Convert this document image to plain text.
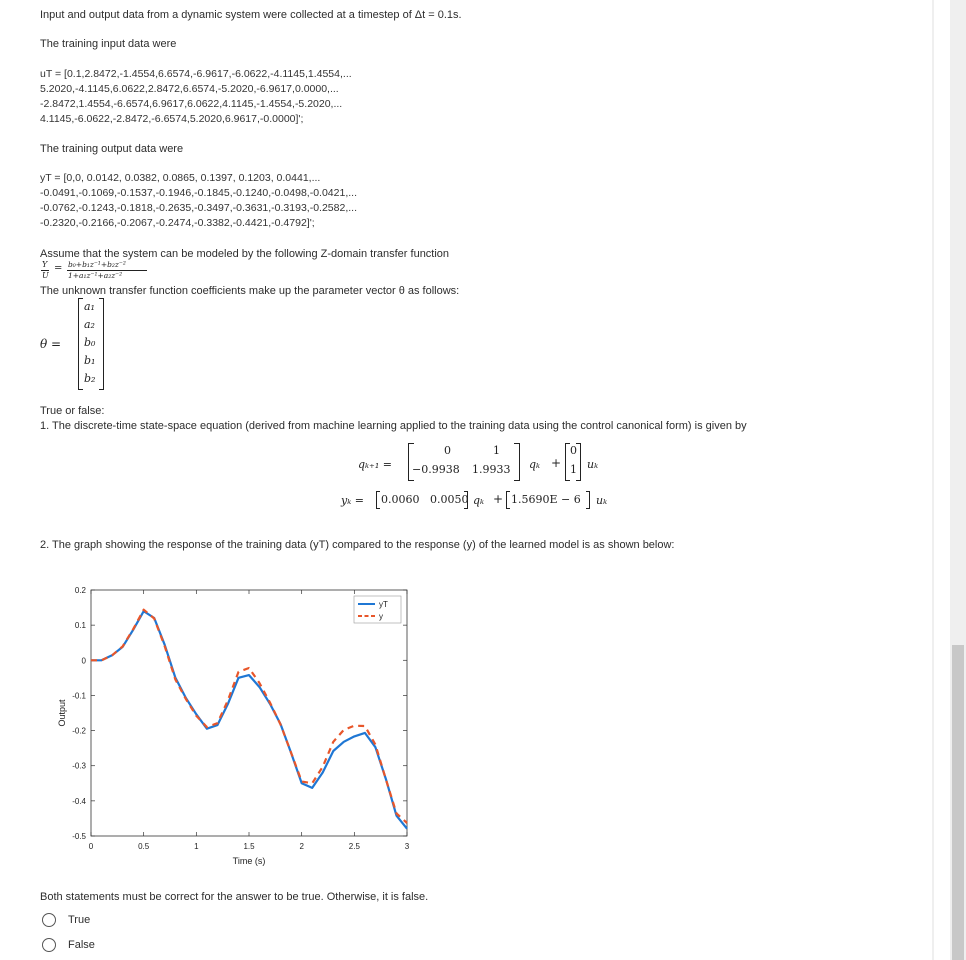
Input and output data from a dynamic system were collected at a timestep of Δt = 0.1s.
The training input data were
uT = [0.1,2.8472,-1.4554,6.6574,-6.9617,-6.0622,-4.1145,1.4554,...
5.2020,-4.1145,6.0622,2.8472,6.6574,-5.2020,-6.9617,0.0000,...
-2.8472,1.4554,-6.6574,6.9617,6.0622,4.1145,-1.4554,-5.2020,...
4.1145,-6.0622,-2.8472,-6.6574,5.2020,6.9617,-0.0000]';
The training output data were
yT = [0,0, 0.0142, 0.0382, 0.0865, 0.1397, 0.1203, 0.0441,...
-0.0491,-0.1069,-0.1537,-0.1946,-0.1845,-0.1240,-0.0498,-0.0421,...
-0.0762,-0.1243,-0.1818,-0.2635,-0.3497,-0.3631,-0.3193,-0.2582,...
-0.2320,-0.2166,-0.2067,-0.2474,-0.3382,-0.4421,-0.4792]';
Assume that the system can be modeled by the following Z-domain transfer function
Y
U
= b₀+b₁z⁻¹+b₂z⁻²
1+a₁z⁻¹+a₂z⁻²
The unknown transfer function coefficients make up the parameter vector θ as follows:
θ =
a₁
a₂
b₀
b₁
b₂
True or false:
1. The discrete-time state-space equation (derived from machine learning applied to the training data using the control canonical form) is given by
qₖ₊₁ =
0	1
−0.9938 1.9933 qₖ +
0
1 uₖ
yₖ = 0.0060   0.0050 qₖ + 1.5690E − 6 uₖ
2. The graph showing the response of the training data (yT) compared to the response (y) of the learned model is as shown below:
0.2
0.1
0
-0.1
-0.2
-0.3
-0.4
-0.5
0	0.5	1	1.5	2	2.5	3
yT
y
Time (s)
Output
Both statements must be correct for the answer to be true. Otherwise, it is false.
True
False
